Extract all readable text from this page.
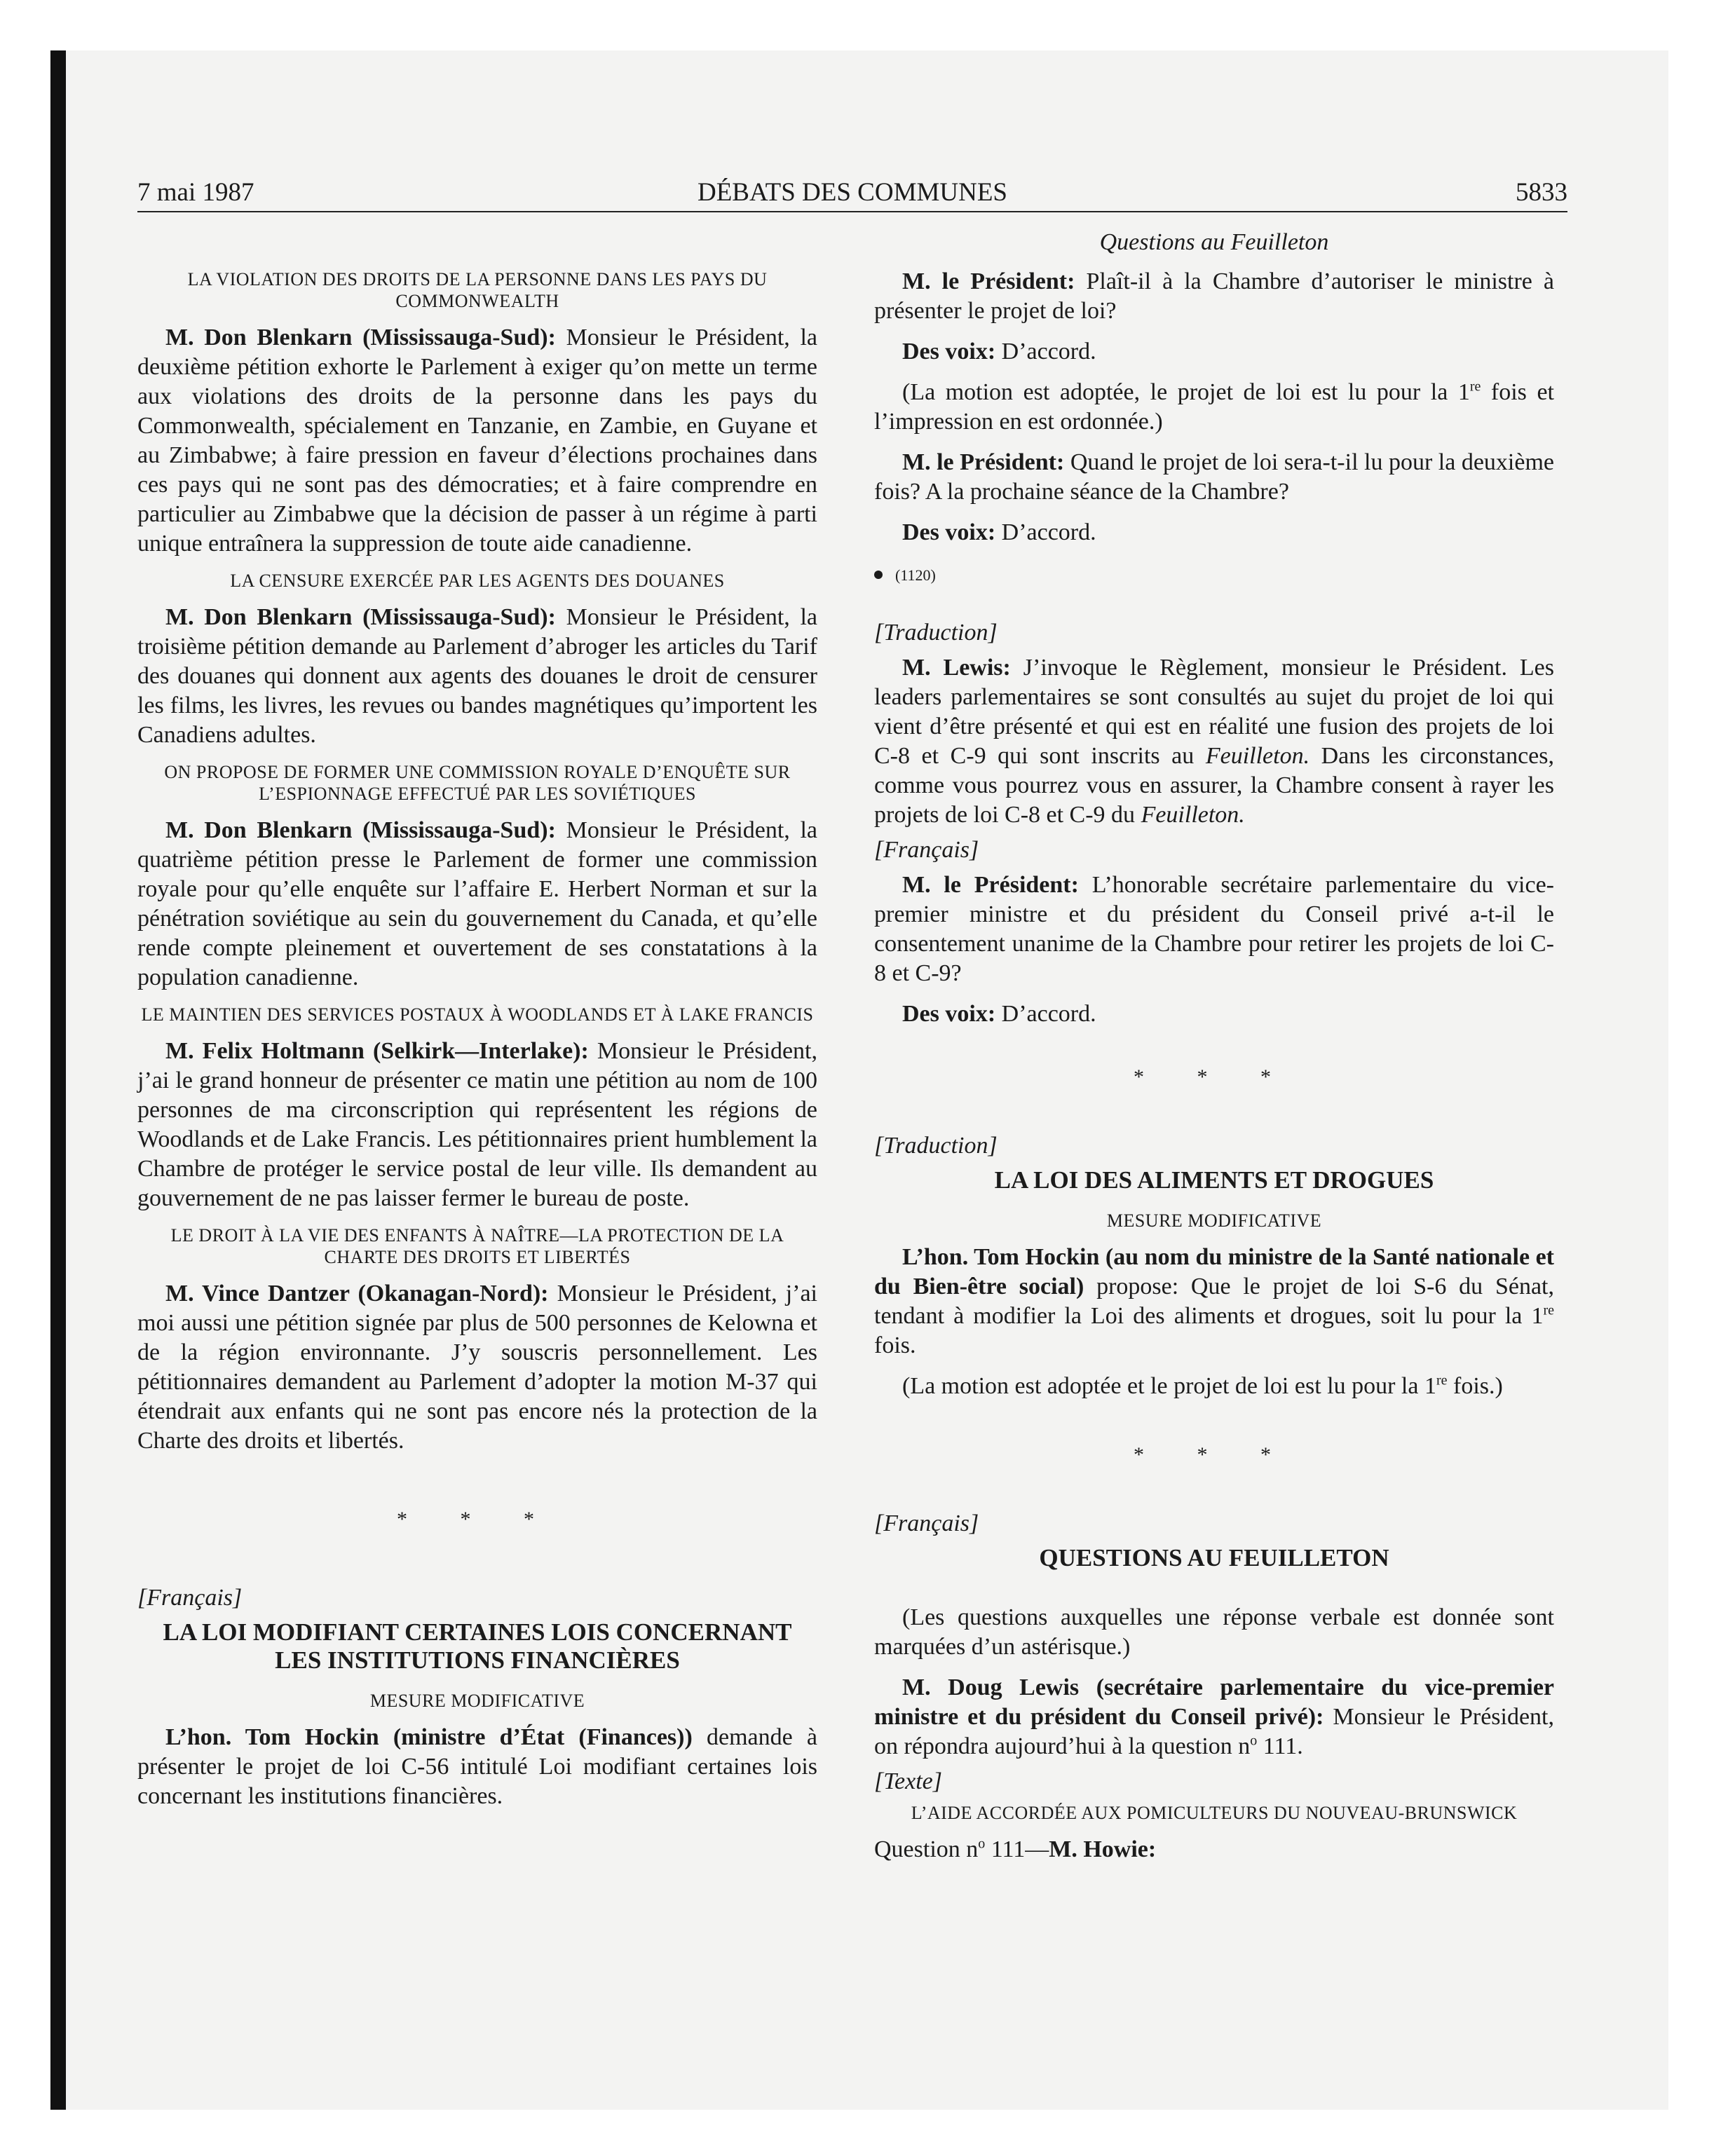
7 mai 1987	DÉBATS DES COMMUNES	5833
LA VIOLATION DES DROITS DE LA PERSONNE DANS LES PAYS DU COMMONWEALTH

M. Don Blenkarn (Mississauga-Sud): Monsieur le Président, la deuxième pétition exhorte le Parlement à exiger qu’on mette un terme aux violations des droits de la personne dans les pays du Commonwealth, spécialement en Tanzanie, en Zambie, en Guyane et au Zimbabwe; à faire pression en faveur d’élections prochaines dans ces pays qui ne sont pas des démocraties; et à faire comprendre en particulier au Zimbabwe que la décision de passer à un régime à parti unique entraînera la suppression de toute aide canadienne.

LA CENSURE EXERCÉE PAR LES AGENTS DES DOUANES

M. Don Blenkarn (Mississauga-Sud): Monsieur le Président, la troisième pétition demande au Parlement d’abroger les articles du Tarif des douanes qui donnent aux agents des douanes le droit de censurer les films, les livres, les revues ou bandes magnétiques qu’importent les Canadiens adultes.

ON PROPOSE DE FORMER UNE COMMISSION ROYALE D’ENQUÊTE SUR L’ESPIONNAGE EFFECTUÉ PAR LES SOVIÉTIQUES

M. Don Blenkarn (Mississauga-Sud): Monsieur le Président, la quatrième pétition presse le Parlement de former une commission royale pour qu’elle enquête sur l’affaire E. Herbert Norman et sur la pénétration soviétique au sein du gouvernement du Canada, et qu’elle rende compte pleinement et ouvertement de ses constatations à la population canadienne.

LE MAINTIEN DES SERVICES POSTAUX À WOODLANDS ET À LAKE FRANCIS

M. Felix Holtmann (Selkirk—Interlake): Monsieur le Président, j’ai le grand honneur de présenter ce matin une pétition au nom de 100 personnes de ma circonscription qui représentent les régions de Woodlands et de Lake Francis. Les pétitionnaires prient humblement la Chambre de protéger le service postal de leur ville. Ils demandent au gouvernement de ne pas laisser fermer le bureau de poste.

LE DROIT À LA VIE DES ENFANTS À NAÎTRE—LA PROTECTION DE LA CHARTE DES DROITS ET LIBERTÉS

M. Vince Dantzer (Okanagan-Nord): Monsieur le Président, j’ai moi aussi une pétition signée par plus de 500 personnes de Kelowna et de la région environnante. J’y souscris personnellement. Les pétitionnaires demandent au Parlement d’adopter la motion M-37 qui étendrait aux enfants qui ne sont pas encore nés la protection de la Charte des droits et libertés.

* * *
[Français]
LA LOI MODIFIANT CERTAINES LOIS CONCERNANT LES INSTITUTIONS FINANCIÈRES
MESURE MODIFICATIVE

L’hon. Tom Hockin (ministre d’État (Finances)) demande à présenter le projet de loi C-56 intitulé Loi modifiant certaines lois concernant les institutions financières.

Questions au Feuilleton

M. le Président: Plaît-il à la Chambre d’autoriser le ministre à présenter le projet de loi?

Des voix: D’accord.

(La motion est adoptée, le projet de loi est lu pour la 1re fois et l’impression en est ordonnée.)

M. le Président: Quand le projet de loi sera-t-il lu pour la deuxième fois? A la prochaine séance de la Chambre?

Des voix: D’accord.

(1120)

[Traduction]

M. Lewis: J’invoque le Règlement, monsieur le Président. Les leaders parlementaires se sont consultés au sujet du projet de loi qui vient d’être présenté et qui est en réalité une fusion des projets de loi C-8 et C-9 qui sont inscrits au Feuilleton. Dans les circonstances, comme vous pourrez vous en assurer, la Chambre consent à rayer les projets de loi C-8 et C-9 du Feuilleton.

[Français]

M. le Président: L’honorable secrétaire parlementaire du vice-premier ministre et du président du Conseil privé a-t-il le consentement unanime de la Chambre pour retirer les projets de loi C-8 et C-9?

Des voix: D’accord.

* * *
[Traduction]
LA LOI DES ALIMENTS ET DROGUES
MESURE MODIFICATIVE

L’hon. Tom Hockin (au nom du ministre de la Santé nationale et du Bien-être social) propose: Que le projet de loi S-6 du Sénat, tendant à modifier la Loi des aliments et drogues, soit lu pour la 1re fois.

(La motion est adoptée et le projet de loi est lu pour la 1re fois.)

* * *
[Français]
QUESTIONS AU FEUILLETON

(Les questions auxquelles une réponse verbale est donnée sont marquées d’un astérisque.)

M. Doug Lewis (secrétaire parlementaire du vice-premier ministre et du président du Conseil privé): Monsieur le Président, on répondra aujourd’hui à la question $n^o$ 111.

[Texte]
L’AIDE ACCORDÉE AUX POMICULTEURS DU NOUVEAU-BRUNSWICK

Question $n^o$ 111—M. Howie:
